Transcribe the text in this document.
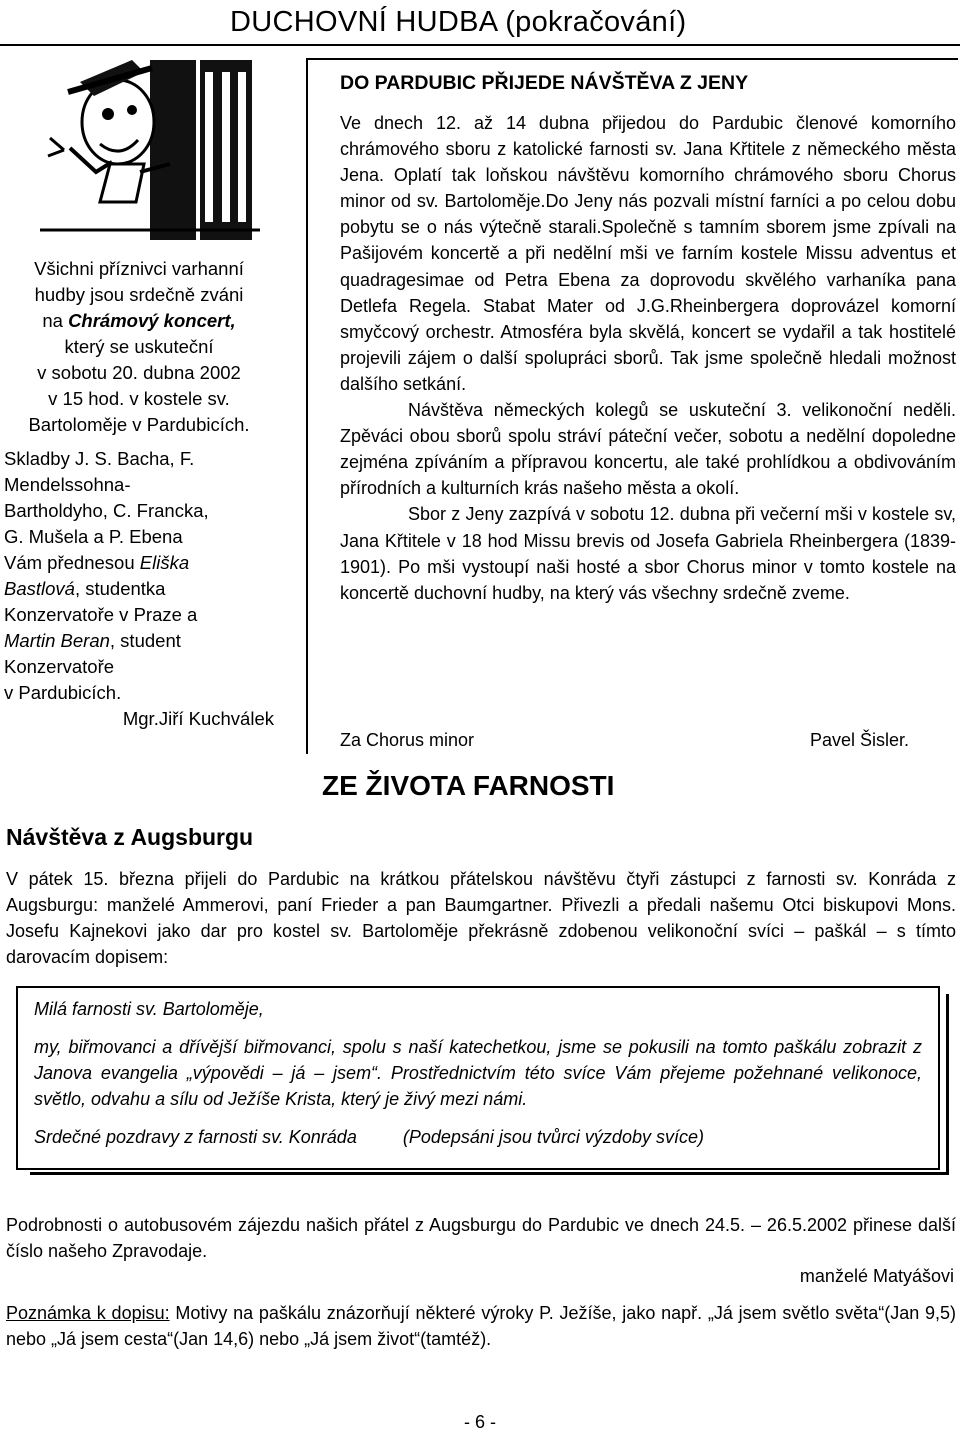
DUCHOVNÍ HUDBA (pokračování)

Všichni příznivci varhanní

hudby jsou srdečně zváni

na Chrámový koncert,

který se uskuteční

v sobotu 20. dubna 2002

v 15 hod. v kostele sv.

Bartoloměje v Pardubicích.

Skladby J. S. Bacha, F.

Mendelssohna-

Bartholdyho, C. Francka,

G. Mušela a P. Ebena

Vám přednesou Eliška

Bastlová, studentka

Konzervatoře v Praze a

Martin Beran, student

Konzervatoře

v Pardubicích.

Mgr.Jiří Kuchválek

DO PARDUBIC PŘIJEDE NÁVŠTĚVA Z JENY

Ve dnech 12. až 14 dubna přijedou do Pardubic členové komorního chrámového sboru z katolické farnosti sv. Jana Křtitele z německého města Jena. Oplatí tak loňskou návštěvu komorního chrámového sboru Chorus minor od sv. Bartoloměje.Do Jeny nás pozvali místní farníci a po celou dobu pobytu se o nás výtečně starali.Společně s tamním sborem jsme zpívali na Pašijovém koncertě a při nedělní mši ve farním kostele Missu adventus et quadragesimae od Petra Ebena za doprovodu skvělého varhaníka pana Detlefa Regela. Stabat Mater od J.G.Rheinbergera doprovázel komorní smyčcový orchestr. Atmosféra byla skvělá, koncert se vydařil a tak hostitelé projevili zájem o další spolupráci sborů. Tak jsme společně hledali možnost dalšího setkání.

Návštěva německých kolegů se uskuteční 3. velikonoční neděli. Zpěváci obou sborů spolu stráví páteční večer, sobotu a nedělní dopoledne zejména zpíváním a přípravou koncertu, ale také prohlídkou a obdivováním přírodních a kulturních krás našeho města a okolí.

Sbor z Jeny zazpívá v sobotu 12. dubna při večerní mši v kostele sv, Jana Křtitele v 18 hod Missu brevis od Josefa Gabriela Rheinbergera (1839-1901). Po mši vystoupí naši hosté a sbor Chorus minor v tomto kostele na koncertě duchovní hudby, na který vás všechny srdečně zveme.

Za Chorus minor	Pavel Šisler.
ZE ŽIVOTA FARNOSTI
Návštěva z Augsburgu
V pátek 15. března přijeli do Pardubic na krátkou přátelskou návštěvu čtyři zástupci z farnosti sv. Konráda z Augsburgu: manželé Ammerovi, paní Frieder a pan Baumgartner. Přivezli a předali našemu Otci biskupovi Mons. Josefu Kajnekovi jako dar pro kostel sv. Bartoloměje překrásně zdobenou velikonoční svíci – paškál – s tímto darovacím dopisem:

Milá farnosti sv. Bartoloměje,

my, biřmovanci a dřívější biřmovanci, spolu s naší katechetkou, jsme se pokusili na tomto paškálu zobrazit z Janova evangelia „výpovědi – já – jsem“. Prostřednictvím této svíce Vám přejeme požehnané velikonoce, světlo, odvahu a sílu od Ježíše Krista, který je živý mezi námi.

Srdečné pozdravy z farnosti sv. Konráda	(Podepsáni jsou tvůrci výzdoby svíce)

Podrobnosti o autobusovém zájezdu našich přátel z Augsburgu do Pardubic ve dnech 24.5. – 26.5.2002 přinese další číslo našeho Zpravodaje.
manželé Matyášovi
Poznámka k dopisu: Motivy na paškálu znázorňují některé výroky P. Ježíše, jako např. „Já jsem světlo světa“(Jan 9,5) nebo „Já jsem cesta“(Jan 14,6) nebo „Já jsem život“(tamtéž).
- 6 -
